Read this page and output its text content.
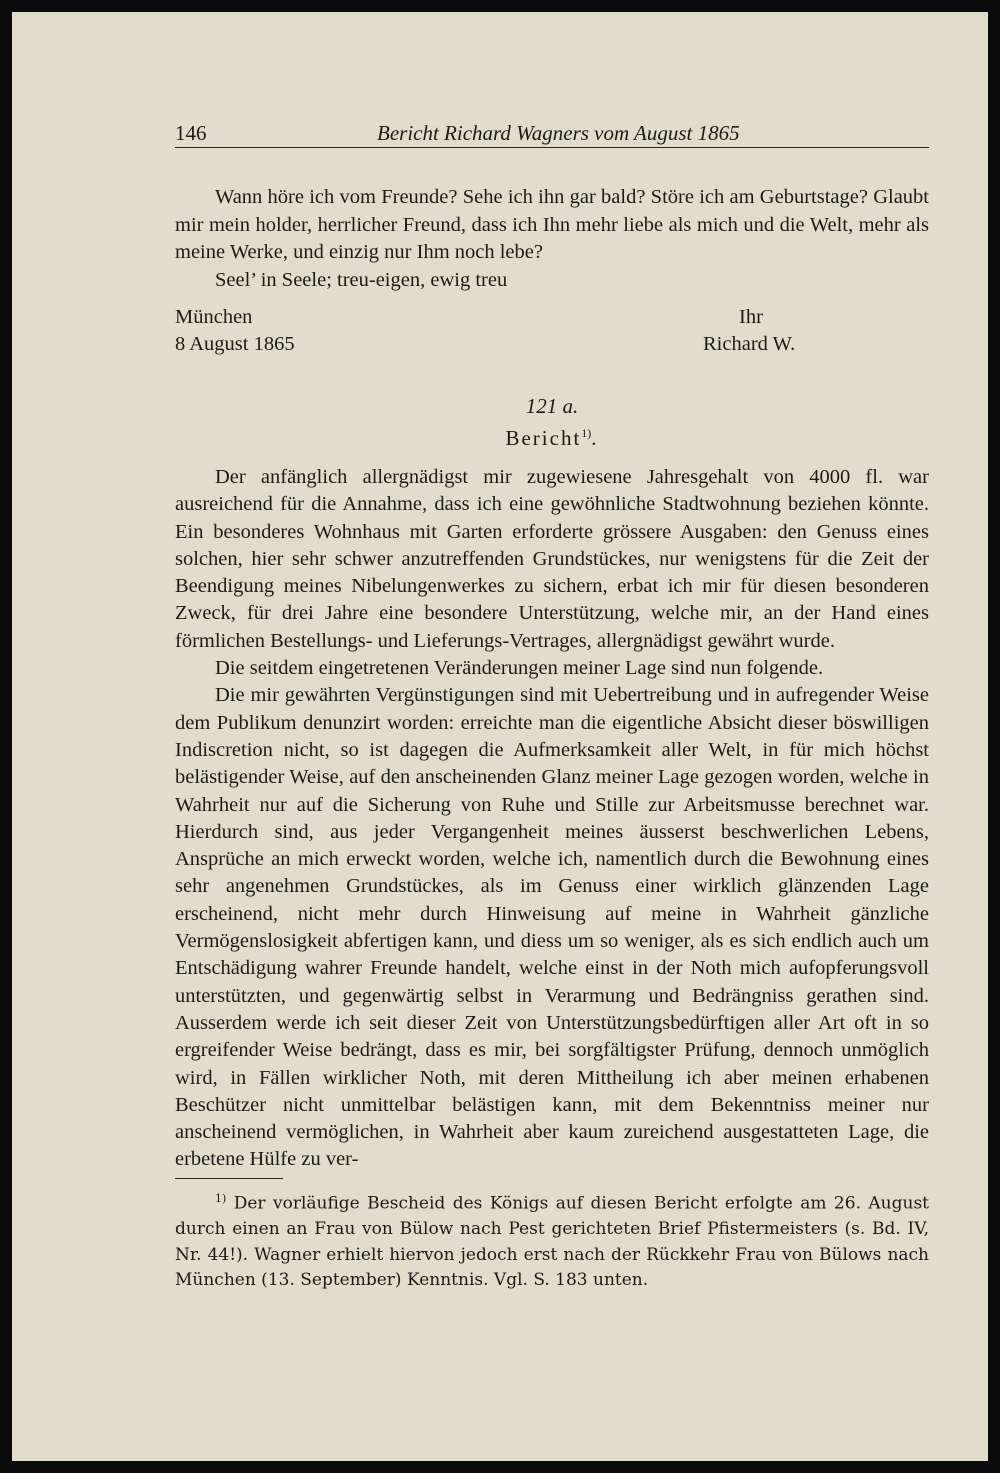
146	Bericht Richard Wagners vom August 1865

Wann höre ich vom Freunde? Sehe ich ihn gar bald? Störe ich am Geburtstage? Glaubt mir mein holder, herrlicher Freund, dass ich Ihn mehr liebe als mich und die Welt, mehr als meine Werke, und einzig nur Ihm noch lebe?

Seel’ in Seele; treu-eigen, ewig treu

München
8 August 1865
Ihr
Richard W.
121 a.
Bericht$^{1)}$.

Der anfänglich allergnädigst mir zugewiesene Jahresgehalt von 4000 fl. war ausreichend für die Annahme, dass ich eine gewöhnliche Stadtwohnung beziehen könnte. Ein besonderes Wohnhaus mit Garten erforderte grössere Ausgaben: den Genuss eines solchen, hier sehr schwer anzutreffenden Grundstückes, nur wenigstens für die Zeit der Beendigung meines Nibelungenwerkes zu sichern, erbat ich mir für diesen besonderen Zweck, für drei Jahre eine besondere Unterstützung, welche mir, an der Hand eines förmlichen Bestellungs- und Lieferungs-Vertrages, allergnädigst gewährt wurde.

Die seitdem eingetretenen Veränderungen meiner Lage sind nun folgende.

Die mir gewährten Vergünstigungen sind mit Uebertreibung und in aufregender Weise dem Publikum denunzirt worden: erreichte man die eigentliche Absicht dieser böswilligen Indiscretion nicht, so ist dagegen die Aufmerksamkeit aller Welt, in für mich höchst belästigender Weise, auf den anscheinenden Glanz meiner Lage gezogen worden, welche in Wahrheit nur auf die Sicherung von Ruhe und Stille zur Arbeitsmusse berechnet war. Hierdurch sind, aus jeder Vergangenheit meines äusserst beschwerlichen Lebens, Ansprüche an mich erweckt worden, welche ich, namentlich durch die Bewohnung eines sehr angenehmen Grundstückes, als im Genuss einer wirklich glänzenden Lage erscheinend, nicht mehr durch Hinweisung auf meine in Wahrheit gänzliche Vermögenslosigkeit abfertigen kann, und diess um so weniger, als es sich endlich auch um Entschädigung wahrer Freunde handelt, welche einst in der Noth mich aufopferungsvoll unterstützten, und gegenwärtig selbst in Verarmung und Bedrängniss gerathen sind. Ausserdem werde ich seit dieser Zeit von Unterstützungsbedürftigen aller Art oft in so ergreifender Weise bedrängt, dass es mir, bei sorgfältigster Prüfung, dennoch unmöglich wird, in Fällen wirklicher Noth, mit deren Mittheilung ich aber meinen erhabenen Beschützer nicht unmittelbar belästigen kann, mit dem Bekenntniss meiner nur anscheinend vermöglichen, in Wahrheit aber kaum zureichend ausgestatteten Lage, die erbetene Hülfe zu ver-

$^{1)}$ Der vorläufige Bescheid des Königs auf diesen Bericht erfolgte am 26. August durch einen an Frau von Bülow nach Pest gerichteten Brief Pfistermeisters (s. Bd. IV, Nr. 44!). Wagner erhielt hiervon jedoch erst nach der Rückkehr Frau von Bülows nach München (13. September) Kenntnis. Vgl. S. 183 unten.
